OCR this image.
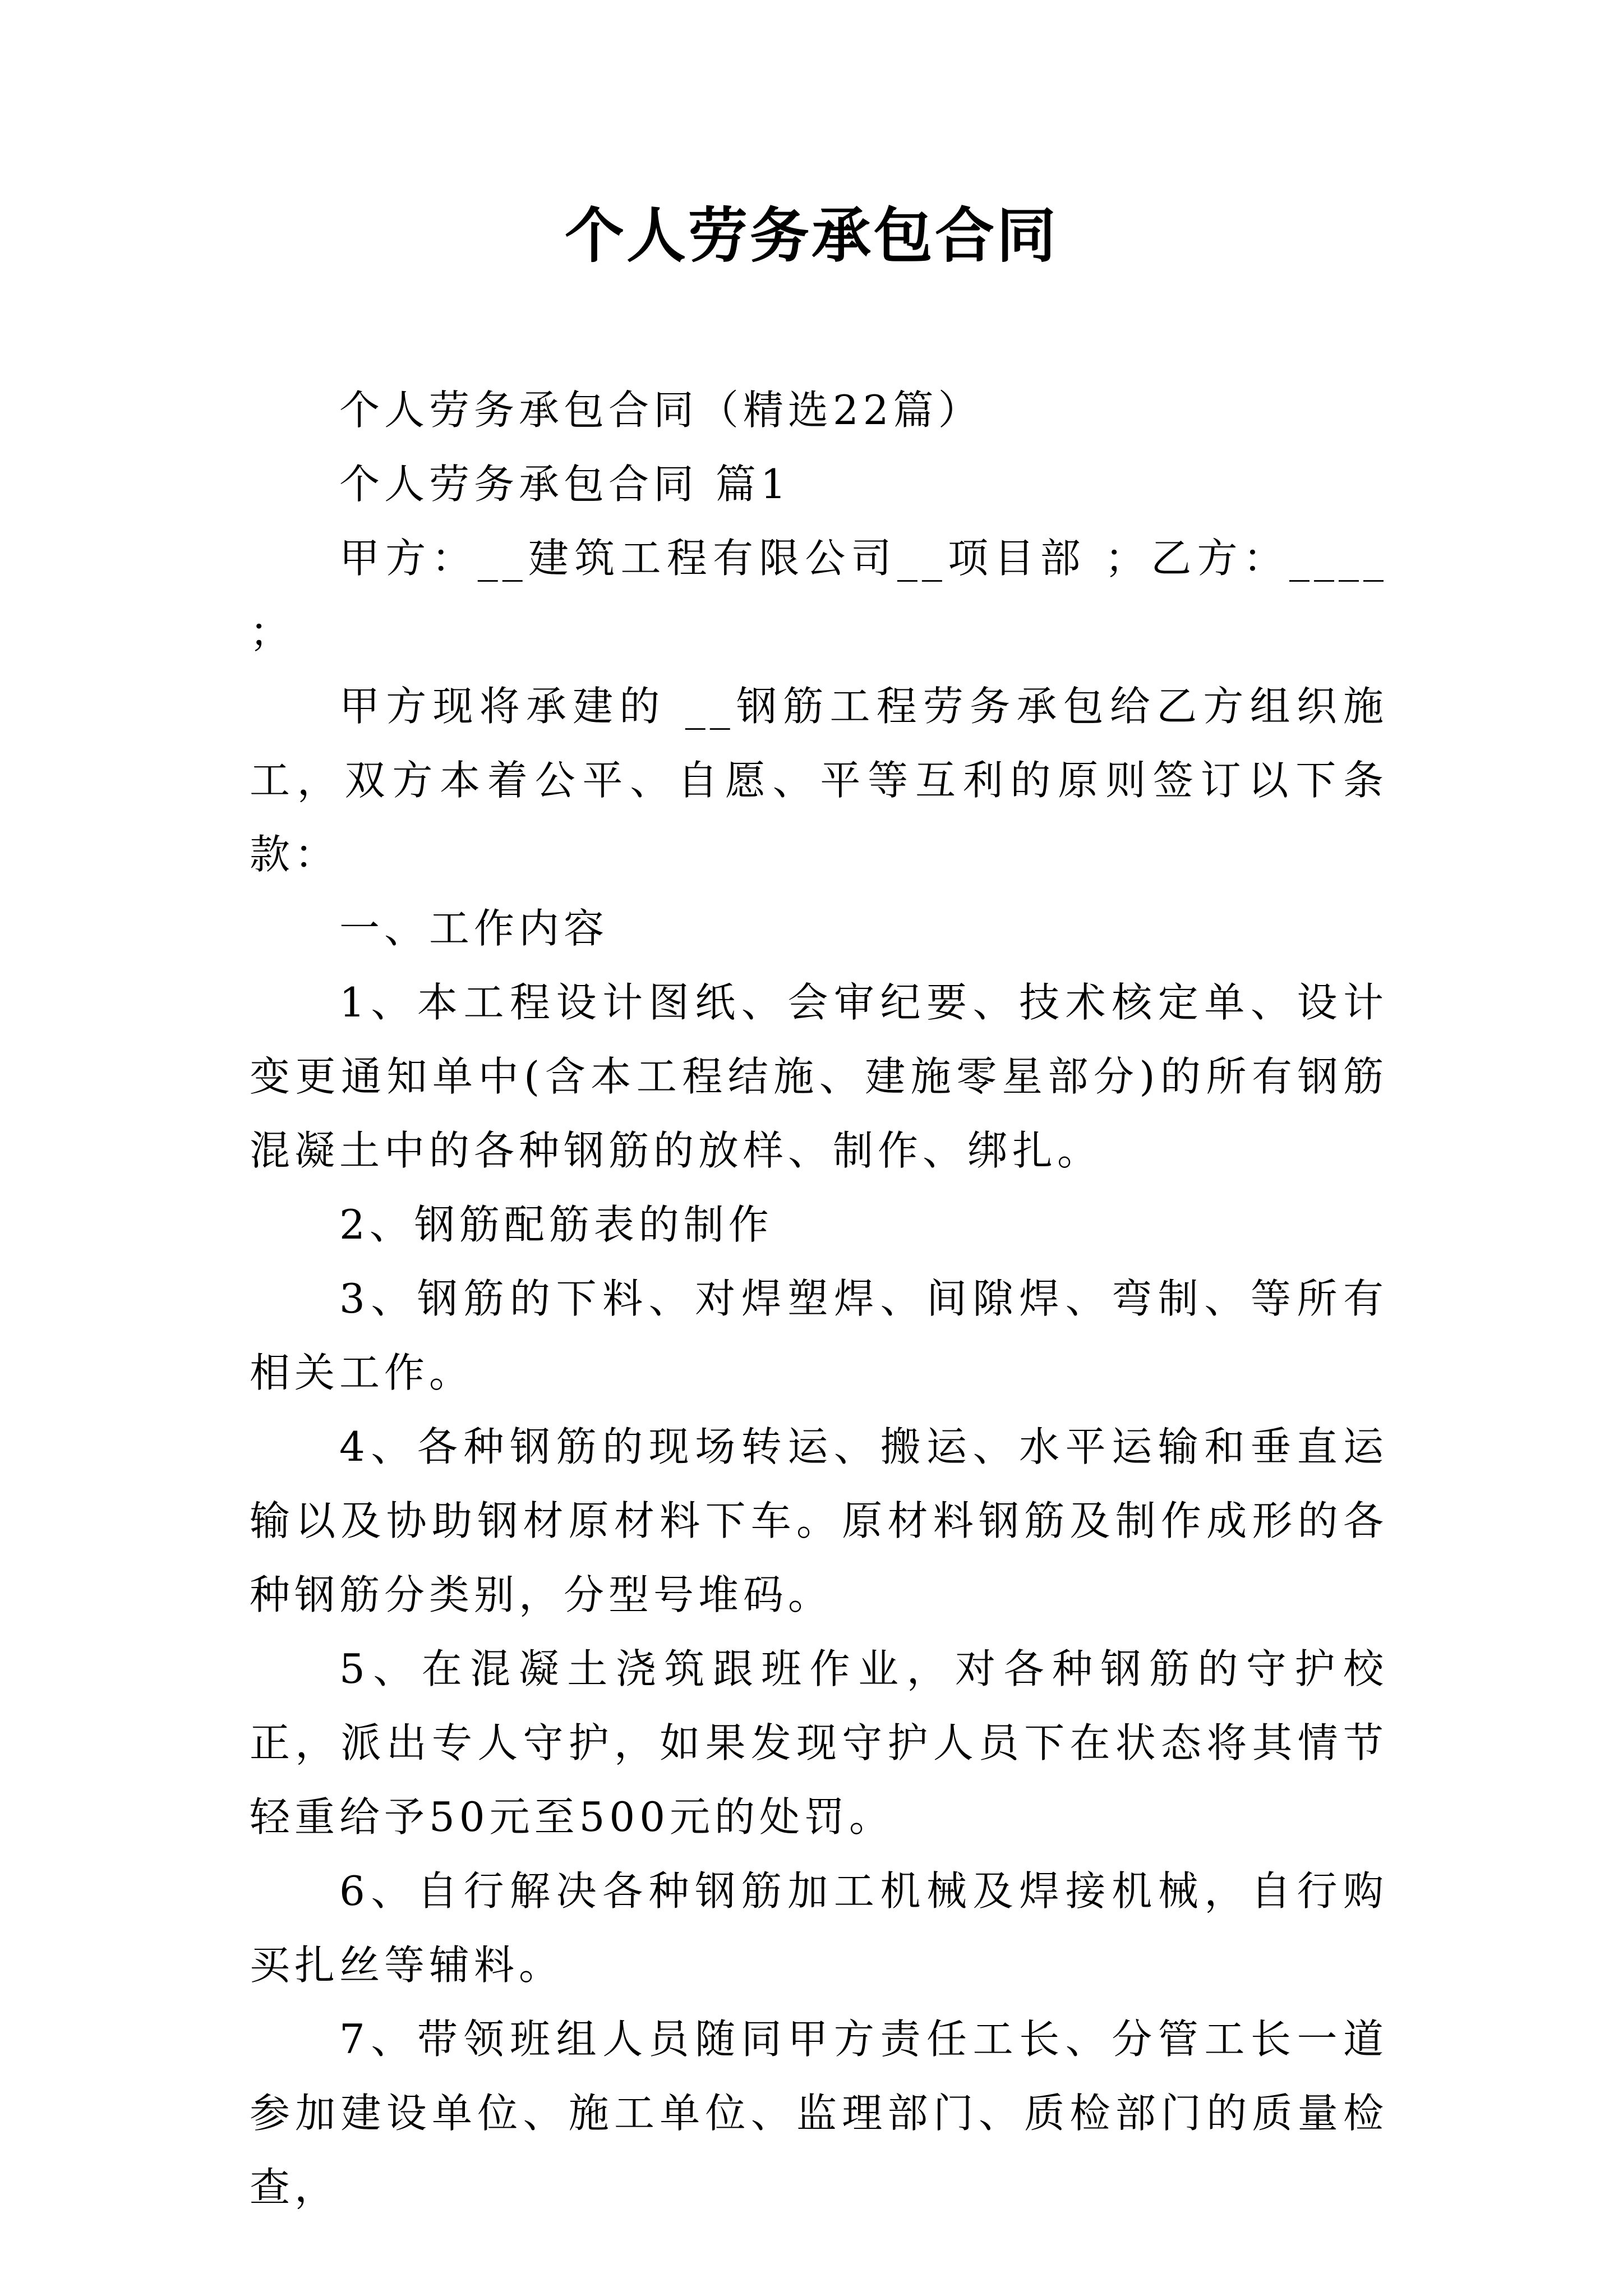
个人劳务承包合同

个人劳务承包合同（精选22篇）

个人劳务承包合同 篇1

甲方：__建筑工程有限公司__项目部 ；乙方：____ ；

甲方现将承建的 __钢筋工程劳务承包给乙方组织施工，双方本着公平、自愿、平等互利的原则签订以下条款：

一、工作内容

1、本工程设计图纸、会审纪要、技术核定单、设计变更通知单中(含本工程结施、建施零星部分)的所有钢筋混凝土中的各种钢筋的放样、制作、绑扎。

2、钢筋配筋表的制作

3、钢筋的下料、对焊塑焊、间隙焊、弯制、等所有相关工作。

4、各种钢筋的现场转运、搬运、水平运输和垂直运输以及协助钢材原材料下车。原材料钢筋及制作成形的各种钢筋分类别，分型号堆码。

5、在混凝土浇筑跟班作业，对各种钢筋的守护校正，派出专人守护，如果发现守护人员下在状态将其情节轻重给予50元至500元的处罚。

6、自行解决各种钢筋加工机械及焊接机械，自行购买扎丝等辅料。

7、带领班组人员随同甲方责任工长、分管工长一道参加建设单位、施工单位、监理部门、质检部门的质量检查，
